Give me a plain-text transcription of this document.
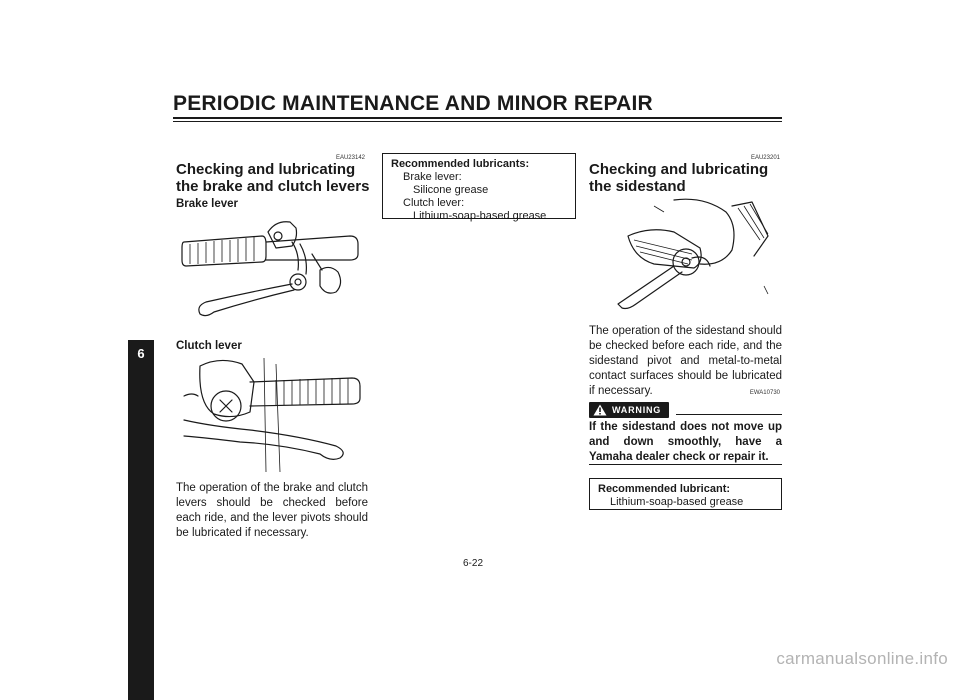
PERIODIC MAINTENANCE AND MINOR REPAIR
6
EAU23142
Checking and lubricating the brake and clutch levers
Brake lever
Clutch lever
The operation of the brake and clutch levers should be checked before each ride, and the lever pivots should be lubricated if necessary.
Recommended lubricants:
Brake lever:
Silicone grease
Clutch lever:
Lithium-soap-based grease
EAU23201
Checking and lubricating the sidestand
The operation of the sidestand should be checked before each ride, and the sidestand pivot and metal-to-metal contact surfaces should be lubricated if necessary.	EWA10730
WARNING
If the sidestand does not move up and down smoothly, have a Yamaha dealer check or repair it.
Recommended lubricant:
Lithium-soap-based grease
6-22
carmanualsonline.info
